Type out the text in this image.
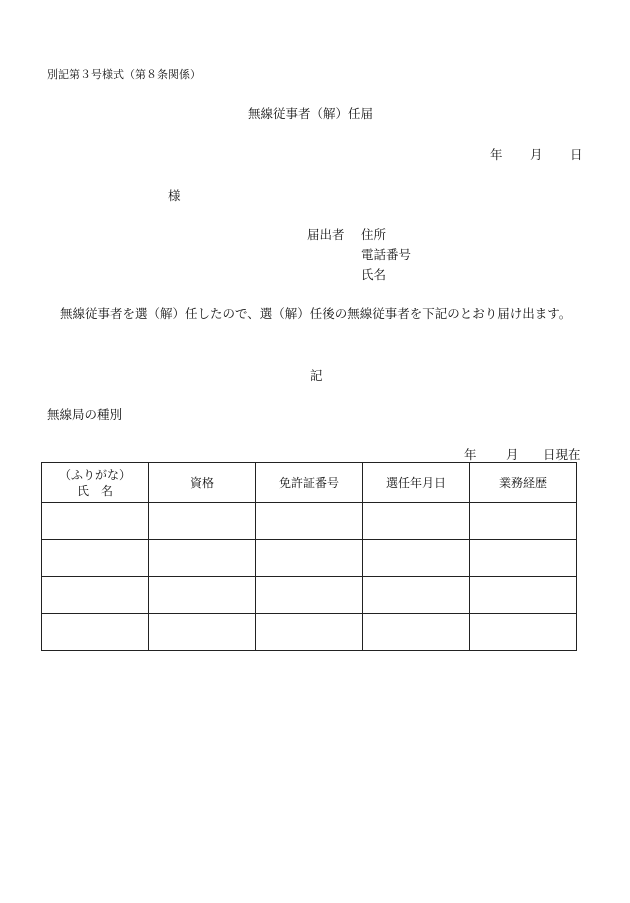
別記第３号様式（第８条関係）
無線従事者（解）任届
年 月 日
様
届出者 住所
電話番号
氏名
無線従事者を選（解）任したので、選（解）任後の無線従事者を下記のとおり届け出ます。
記
無線局の種別
年 月 日現在
（ふりがな）
氏　名	資格	免許証番号	選任年月日	業務経歴
